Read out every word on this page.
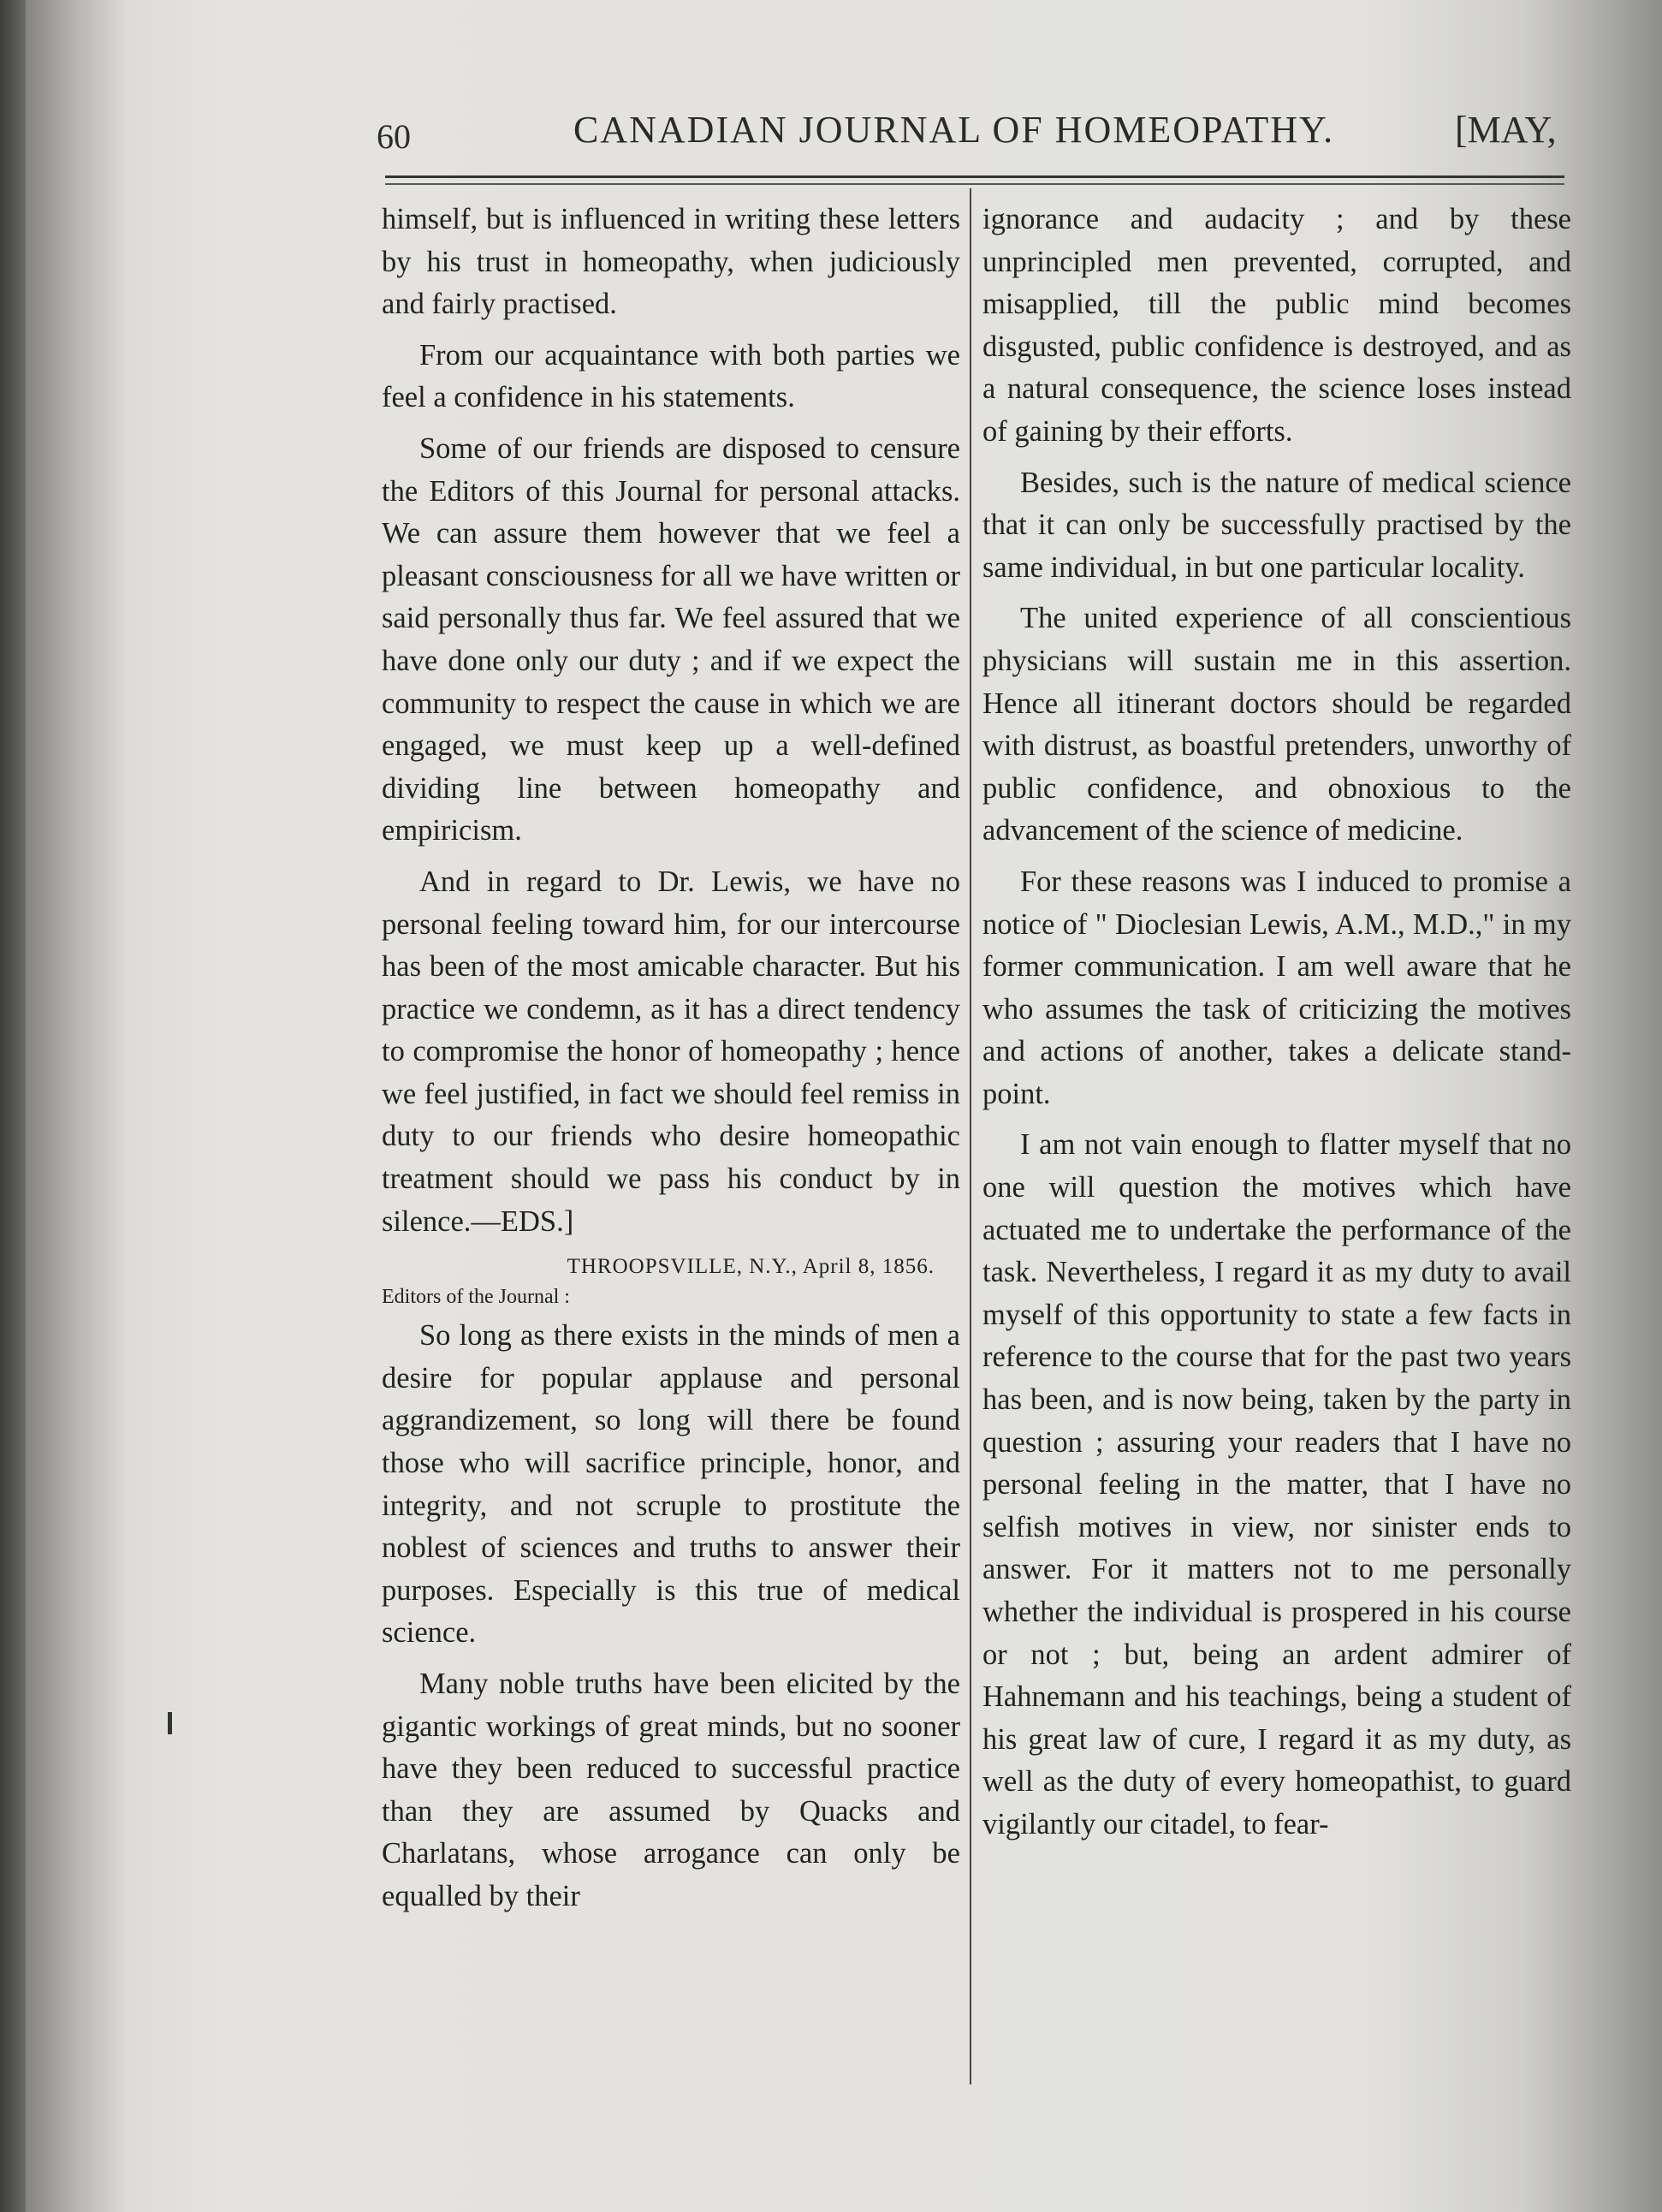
60	CANADIAN JOURNAL OF HOMEOPATHY.	[MAY,

himself, but is influenced in writing these letters by his trust in homeopathy, when judiciously and fairly practised.

From our acquaintance with both parties we feel a confidence in his statements.

Some of our friends are disposed to censure the Editors of this Journal for personal attacks. We can assure them however that we feel a pleasant consciousness for all we have written or said personally thus far. We feel assured that we have done only our duty ; and if we expect the community to respect the cause in which we are engaged, we must keep up a well-defined dividing line between homeopathy and empiricism.

And in regard to Dr. Lewis, we have no personal feeling toward him, for our intercourse has been of the most amicable character. But his practice we condemn, as it has a direct tendency to compromise the honor of homeopathy ; hence we feel justified, in fact we should feel remiss in duty to our friends who desire homeopathic treatment should we pass his conduct by in silence.—EDS.]

THROOPSVILLE, N.Y., April 8, 1856.
Editors of the Journal :

So long as there exists in the minds of men a desire for popular applause and personal aggrandizement, so long will there be found those who will sacrifice principle, honor, and integrity, and not scruple to prostitute the noblest of sciences and truths to answer their purposes. Especially is this true of medical science.

Many noble truths have been elicited by the gigantic workings of great minds, but no sooner have they been reduced to successful practice than they are assumed by Quacks and Charlatans, whose arrogance can only be equalled by their

ignorance and audacity ; and by these unprincipled men prevented, corrupted, and misapplied, till the public mind becomes disgusted, public confidence is destroyed, and as a natural consequence, the science loses instead of gaining by their efforts.

Besides, such is the nature of medical science that it can only be successfully practised by the same individual, in but one particular locality.

The united experience of all conscientious physicians will sustain me in this assertion. Hence all itinerant doctors should be regarded with distrust, as boastful pretenders, unworthy of public confidence, and obnoxious to the advancement of the science of medicine.

For these reasons was I induced to promise a notice of " Dioclesian Lewis, A.M., M.D.," in my former communication. I am well aware that he who assumes the task of criticizing the motives and actions of another, takes a delicate stand-point.

I am not vain enough to flatter myself that no one will question the motives which have actuated me to undertake the performance of the task. Nevertheless, I regard it as my duty to avail myself of this opportunity to state a few facts in reference to the course that for the past two years has been, and is now being, taken by the party in question ; assuring your readers that I have no personal feeling in the matter, that I have no selfish motives in view, nor sinister ends to answer. For it matters not to me personally whether the individual is prospered in his course or not ; but, being an ardent admirer of Hahnemann and his teachings, being a student of his great law of cure, I regard it as my duty, as well as the duty of every homeopathist, to guard vigilantly our citadel, to fear-
